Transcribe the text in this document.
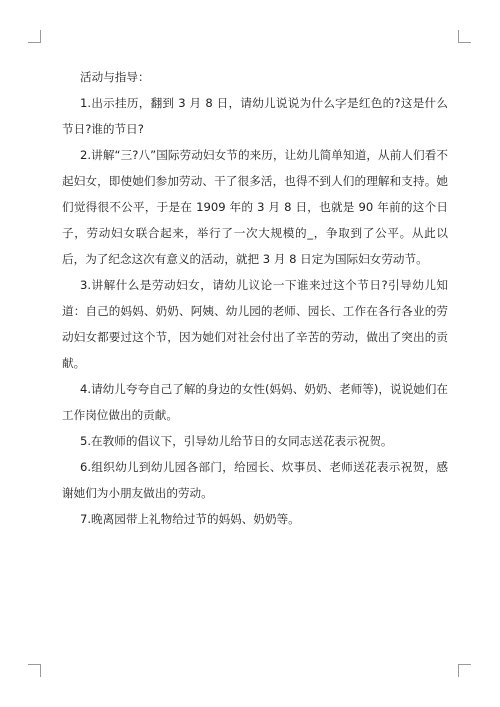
活动与指导：

1.出示挂历，翻到 3 月 8 日，请幼儿说说为什么字是红色的?这是什么节日?谁的节日?

2.讲解“三?八”国际劳动妇女节的来历，让幼儿简单知道，从前人们看不起妇女，即使她们参加劳动、干了很多活，也得不到人们的理解和支持。她们觉得很不公平，于是在 1909 年的 3 月 8 日，也就是 90 年前的这个日子，劳动妇女联合起来，举行了一次大规模的_，争取到了公平。从此以后，为了纪念这次有意义的活动，就把 3 月 8 日定为国际妇女劳动节。

3.讲解什么是劳动妇女，请幼儿议论一下谁来过这个节日?引导幼儿知道：自己的妈妈、奶奶、阿姨、幼儿园的老师、园长、工作在各行各业的劳动妇女都要过这个节，因为她们对社会付出了辛苦的劳动，做出了突出的贡献。

4.请幼儿夸夸自己了解的身边的女性(妈妈、奶奶、老师等)，说说她们在工作岗位做出的贡献。

5.在教师的倡议下，引导幼儿给节日的女同志送花表示祝贺。

6.组织幼儿到幼儿园各部门，给园长、炊事员、老师送花表示祝贺，感谢她们为小朋友做出的劳动。

7.晚离园带上礼物给过节的妈妈、奶奶等。
